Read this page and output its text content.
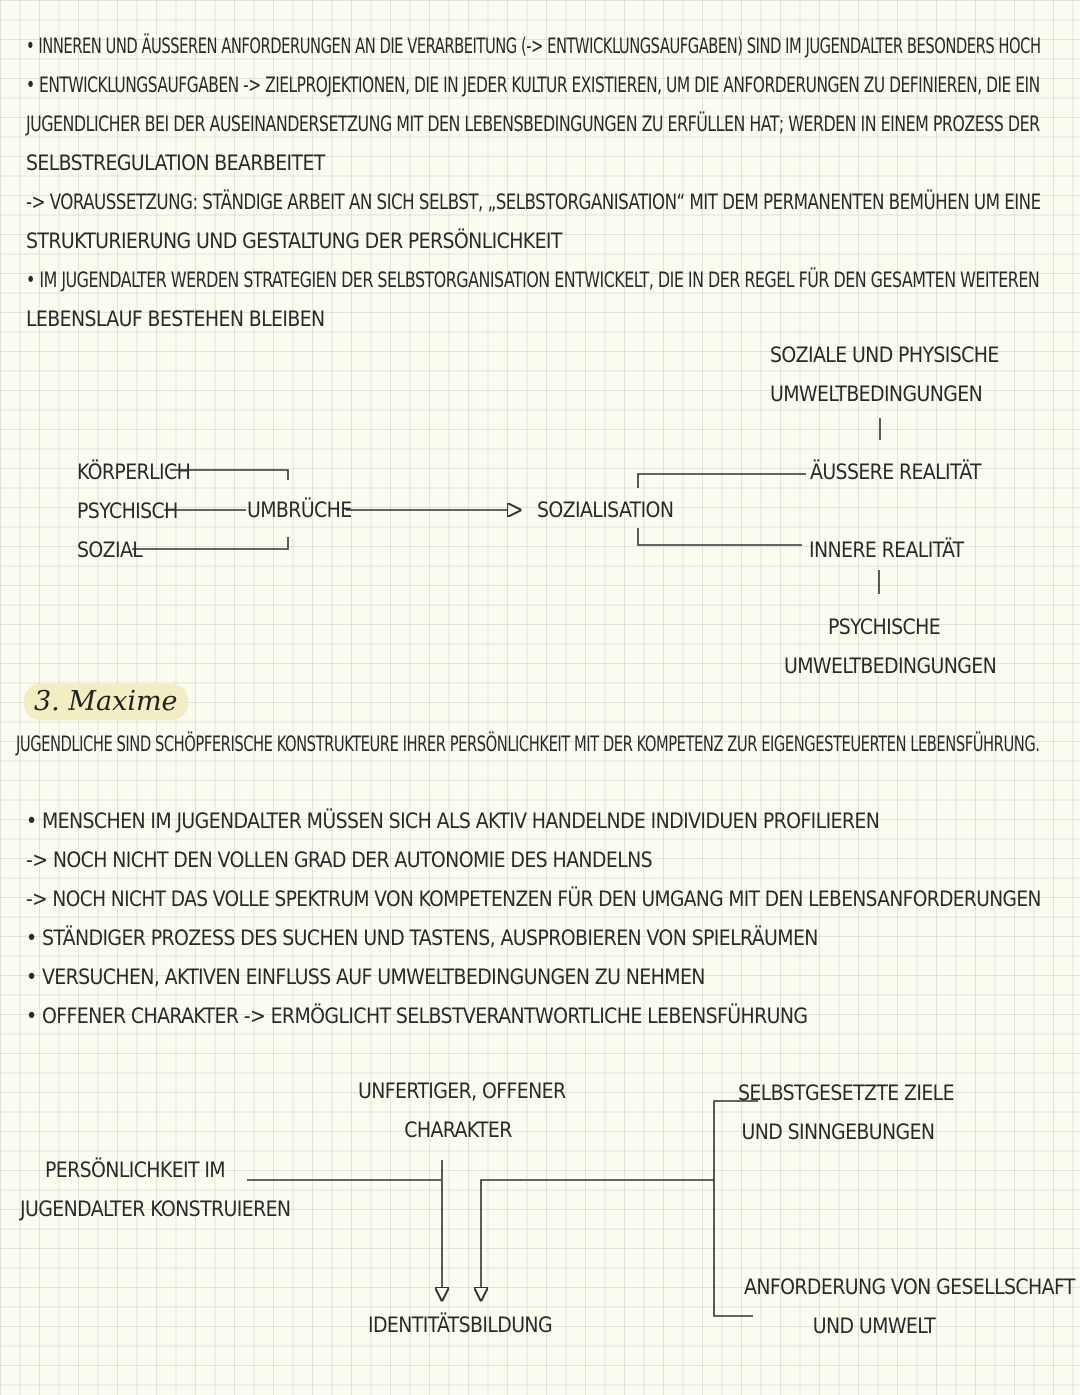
• INNEREN UND ÄUSSEREN ANFORDERUNGEN AN DIE VERARBEITUNG (-> ENTWICKLUNGSAUFGABEN) SIND IM JUGENDALTER BESONDERS HOCH
• ENTWICKLUNGSAUFGABEN -> ZIELPROJEKTIONEN, DIE IN JEDER KULTUR EXISTIEREN, UM DIE ANFORDERUNGEN ZU DEFINIEREN, DIE EIN
JUGENDLICHER BEI DER AUSEINANDERSETZUNG MIT DEN LEBENSBEDINGUNGEN ZU ERFÜLLEN HAT; WERDEN IN EINEM PROZESS DER
SELBSTREGULATION BEARBEITET
-> VORAUSSETZUNG: STÄNDIGE ARBEIT AN SICH SELBST, „SELBSTORGANISATION“ MIT DEM PERMANENTEN BEMÜHEN UM EINE
STRUKTURIERUNG UND GESTALTUNG DER PERSÖNLICHKEIT
• IM JUGENDALTER WERDEN STRATEGIEN DER SELBSTORGANISATION ENTWICKELT, DIE IN DER REGEL FÜR DEN GESAMTEN WEITEREN
LEBENSLAUF BESTEHEN BLEIBEN
SOZIALE UND PHYSISCHE
UMWELTBEDINGUNGEN
KÖRPERLICH
PSYCHISCH
SOZIAL
UMBRÜCHE	SOZIALISATION
ÄUSSERE REALITÄT
INNERE REALITÄT
PSYCHISCHE
UMWELTBEDINGUNGEN
3. Maxime
JUGENDLICHE SIND SCHÖPFERISCHE KONSTRUKTEURE IHRER PERSÖNLICHKEIT MIT DER KOMPETENZ ZUR EIGENGESTEUERTEN LEBENSFÜHRUNG.
• MENSCHEN IM JUGENDALTER MÜSSEN SICH ALS AKTIV HANDELNDE INDIVIDUEN PROFILIEREN
-> NOCH NICHT DEN VOLLEN GRAD DER AUTONOMIE DES HANDELNS
-> NOCH NICHT DAS VOLLE SPEKTRUM VON KOMPETENZEN FÜR DEN UMGANG MIT DEN LEBENSANFORDERUNGEN
• STÄNDIGER PROZESS DES SUCHEN UND TASTENS, AUSPROBIEREN VON SPIELRÄUMEN
• VERSUCHEN, AKTIVEN EINFLUSS AUF UMWELTBEDINGUNGEN ZU NEHMEN
• OFFENER CHARAKTER -> ERMÖGLICHT SELBSTVERANTWORTLICHE LEBENSFÜHRUNG
UNFERTIGER, OFFENER
CHARAKTER
PERSÖNLICHKEIT IM
JUGENDALTER KONSTRUIEREN
IDENTITÄTSBILDUNG
SELBSTGESETZTE ZIELE
UND SINNGEBUNGEN
ANFORDERUNG VON GESELLSCHAFT
UND UMWELT
